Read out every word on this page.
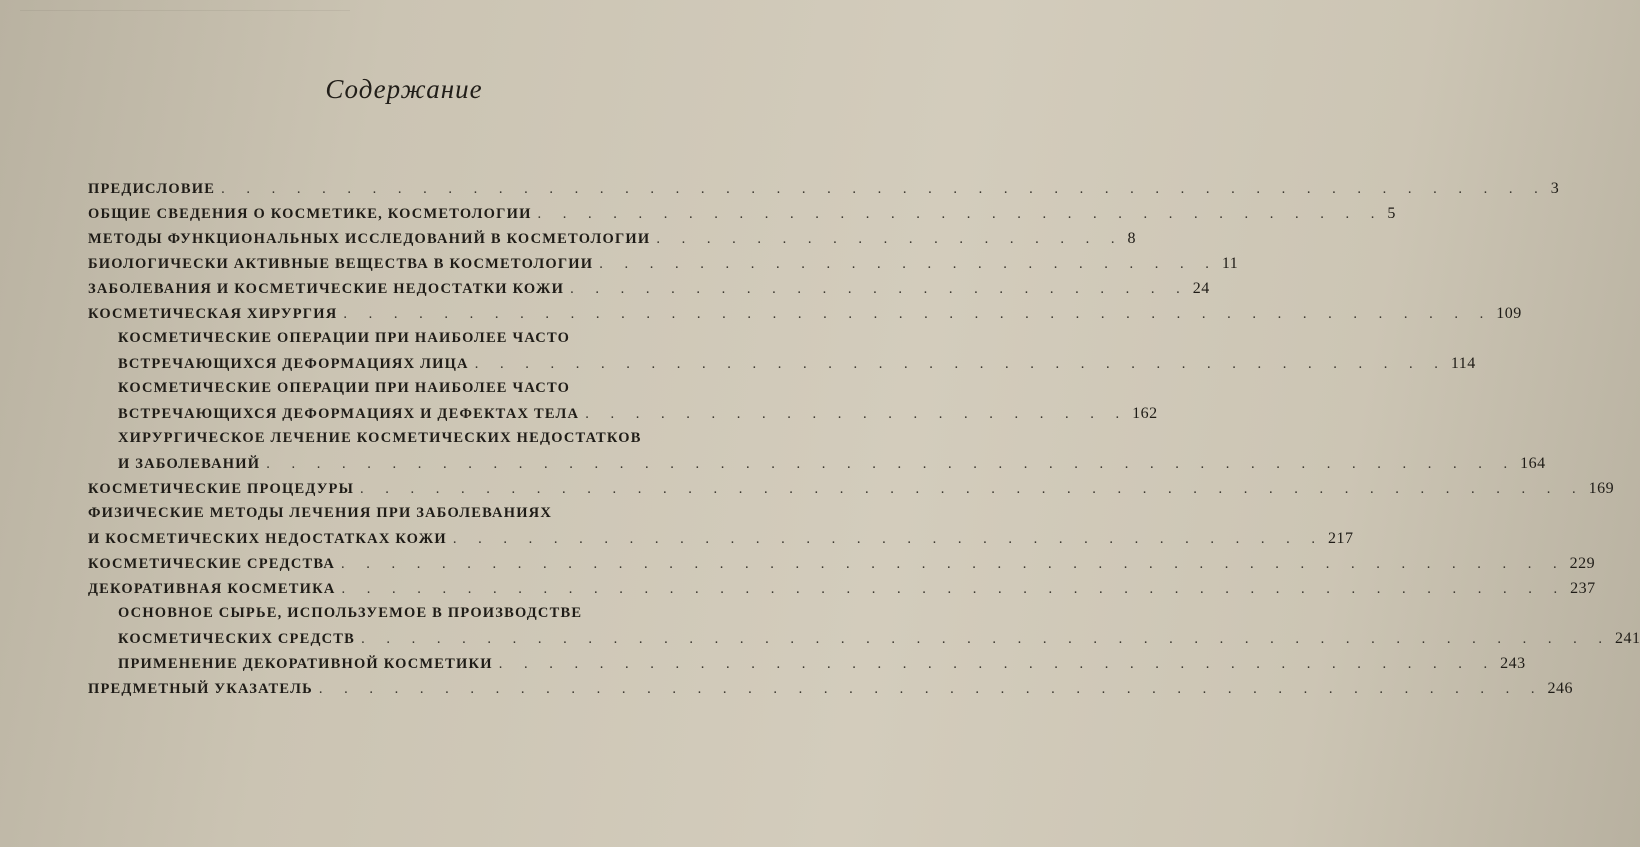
Содержание
ПРЕДИСЛОВИЕ . . . . . . . . . . . . . . . . . . . . . . . . . . . . . . . . . . . . . . . . . . . . . . . . . . . . . 3
ОБЩИЕ СВЕДЕНИЯ О КОСМЕТИКЕ, КОСМЕТОЛОГИИ . . . . . . . . . . . . . . . . . . . . . . . . . . . . . . . . . . 5
МЕТОДЫ ФУНКЦИОНАЛЬНЫХ ИССЛЕДОВАНИЙ В КОСМЕТОЛОГИИ . . . . . . . . . . . . . . . . . . . 8
БИОЛОГИЧЕСКИ АКТИВНЫЕ ВЕЩЕСТВА В КОСМЕТОЛОГИИ . . . . . . . . . . . . . . . . . . . . . . . . . 11
ЗАБОЛЕВАНИЯ И КОСМЕТИЧЕСКИЕ НЕДОСТАТКИ КОЖИ . . . . . . . . . . . . . . . . . . . . . . . . . 24
КОСМЕТИЧЕСКАЯ ХИРУРГИЯ . . . . . . . . . . . . . . . . . . . . . . . . . . . . . . . . . . . . . . . . . . . . . . 109
КОСМЕТИЧЕСКИЕ ОПЕРАЦИИ ПРИ НАИБОЛЕЕ ЧАСТО
ВСТРЕЧАЮЩИХСЯ ДЕФОРМАЦИЯХ ЛИЦА . . . . . . . . . . . . . . . . . . . . . . . . . . . . . . . . . . . . . . . 114
КОСМЕТИЧЕСКИЕ ОПЕРАЦИИ ПРИ НАИБОЛЕЕ ЧАСТО
ВСТРЕЧАЮЩИХСЯ ДЕФОРМАЦИЯХ И ДЕФЕКТАХ ТЕЛА . . . . . . . . . . . . . . . . . . . . . . 162
ХИРУРГИЧЕСКОЕ ЛЕЧЕНИЕ КОСМЕТИЧЕСКИХ НЕДОСТАТКОВ
И ЗАБОЛЕВАНИЙ . . . . . . . . . . . . . . . . . . . . . . . . . . . . . . . . . . . . . . . . . . . . . . . . . . 164
КОСМЕТИЧЕСКИЕ ПРОЦЕДУРЫ . . . . . . . . . . . . . . . . . . . . . . . . . . . . . . . . . . . . . . . . . . . . . . . . . 169
ФИЗИЧЕСКИЕ МЕТОДЫ ЛЕЧЕНИЯ ПРИ ЗАБОЛЕВАНИЯХ
И КОСМЕТИЧЕСКИХ НЕДОСТАТКАХ КОЖИ . . . . . . . . . . . . . . . . . . . . . . . . . . . . . . . . . . . 217
КОСМЕТИЧЕСКИЕ СРЕДСТВА . . . . . . . . . . . . . . . . . . . . . . . . . . . . . . . . . . . . . . . . . . . . . . . . . 229
ДЕКОРАТИВНАЯ КОСМЕТИКА . . . . . . . . . . . . . . . . . . . . . . . . . . . . . . . . . . . . . . . . . . . . . . . . . 237
ОСНОВНОЕ СЫРЬЕ, ИСПОЛЬЗУЕМОЕ В ПРОИЗВОДСТВЕ
КОСМЕТИЧЕСКИХ СРЕДСТВ . . . . . . . . . . . . . . . . . . . . . . . . . . . . . . . . . . . . . . . . . . . . . . . . . . 241
ПРИМЕНЕНИЕ ДЕКОРАТИВНОЙ КОСМЕТИКИ . . . . . . . . . . . . . . . . . . . . . . . . . . . . . . . . . . . . . . . . 243
ПРЕДМЕТНЫЙ УКАЗАТЕЛЬ . . . . . . . . . . . . . . . . . . . . . . . . . . . . . . . . . . . . . . . . . . . . . . . . . 246
